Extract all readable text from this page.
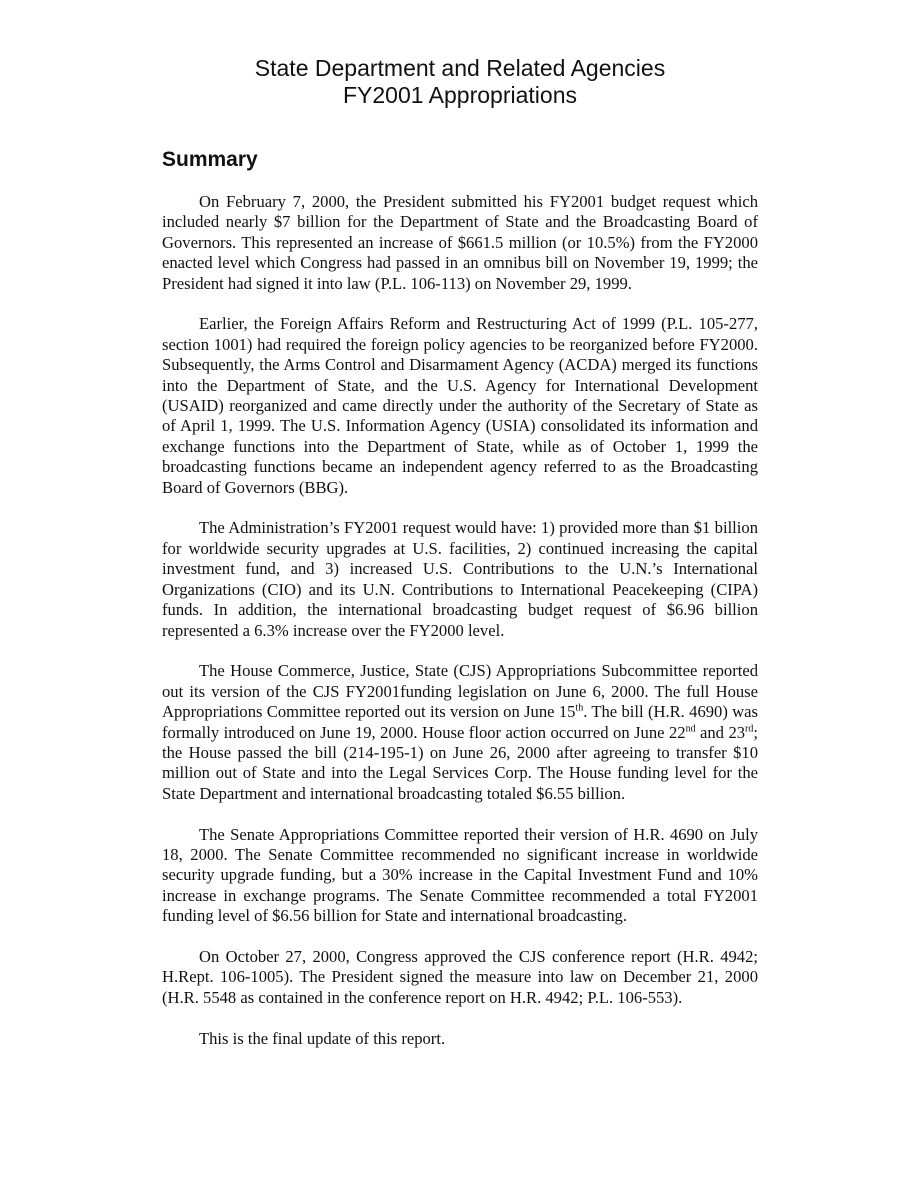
State Department and Related Agencies
FY2001 Appropriations
Summary

On February 7, 2000, the President submitted his FY2001 budget request which included nearly $7 billion for the Department of State and the Broadcasting Board of Governors. This represented an increase of $661.5 million (or 10.5%) from the FY2000 enacted level which Congress had passed in an omnibus bill on November 19, 1999; the President had signed it into law (P.L. 106-113) on November 29, 1999.

Earlier, the Foreign Affairs Reform and Restructuring Act of 1999 (P.L. 105-277, section 1001) had required the foreign policy agencies to be reorganized before FY2000. Subsequently, the Arms Control and Disarmament Agency (ACDA) merged its functions into the Department of State, and the U.S. Agency for International Development (USAID) reorganized and came directly under the authority of the Secretary of State as of April 1, 1999. The U.S. Information Agency (USIA) consolidated its information and exchange functions into the Department of State, while as of October 1, 1999 the broadcasting functions became an independent agency referred to as the Broadcasting Board of Governors (BBG).

The Administration’s FY2001 request would have: 1) provided more than $1 billion for worldwide security upgrades at U.S. facilities, 2) continued increasing the capital investment fund, and 3) increased U.S. Contributions to the U.N.’s International Organizations (CIO) and its U.N. Contributions to International Peacekeeping (CIPA) funds. In addition, the international broadcasting budget request of $6.96 billion represented a 6.3% increase over the FY2000 level.

The House Commerce, Justice, State (CJS) Appropriations Subcommittee reported out its version of the CJS FY2001funding legislation on June 6, 2000. The full House Appropriations Committee reported out its version on June 15th. The bill (H.R. 4690) was formally introduced on June 19, 2000. House floor action occurred on June 22nd and 23rd; the House passed the bill (214-195-1) on June 26, 2000 after agreeing to transfer $10 million out of State and into the Legal Services Corp. The House funding level for the State Department and international broadcasting totaled $6.55 billion.

The Senate Appropriations Committee reported their version of H.R. 4690 on July 18, 2000. The Senate Committee recommended no significant increase in worldwide security upgrade funding, but a 30% increase in the Capital Investment Fund and 10% increase in exchange programs. The Senate Committee recommended a total FY2001 funding level of $6.56 billion for State and international broadcasting.

On October 27, 2000, Congress approved the CJS conference report (H.R. 4942; H.Rept. 106-1005). The President signed the measure into law on December 21, 2000 (H.R. 5548 as contained in the conference report on H.R. 4942; P.L. 106-553).

This is the final update of this report.
